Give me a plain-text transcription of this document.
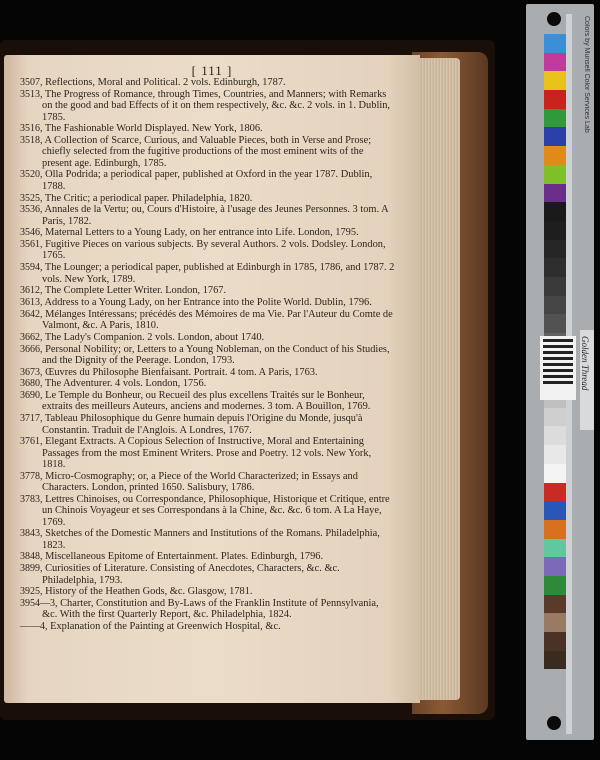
[ 111 ]
3507, Reflections, Moral and Political. 2 vols. Edinburgh, 1787.
3513, The Progress of Romance, through Times, Countries, and Manners; with Remarks on the good and bad Effects of it on them respectively, &c. &c. 2 vols. in 1. Dublin, 1785.
3516, The Fashionable World Displayed. New York, 1806.
3518, A Collection of Scarce, Curious, and Valuable Pieces, both in Verse and Prose; chiefly selected from the fugitive productions of the most eminent wits of the present age. Edinburgh, 1785.
3520, Olla Podrida; a periodical paper, published at Oxford in the year 1787. Dublin, 1788.
3525, The Critic; a periodical paper. Philadelphia, 1820.
3536, Annales de la Vertu; ou, Cours d'Histoire, à l'usage des Jeunes Personnes. 3 tom. A Paris, 1782.
3546, Maternal Letters to a Young Lady, on her entrance into Life. London, 1795.
3561, Fugitive Pieces on various subjects. By several Authors. 2 vols. Dodsley. London, 1765.
3594, The Lounger; a periodical paper, published at Edinburgh in 1785, 1786, and 1787. 2 vols. New York, 1789.
3612, The Complete Letter Writer. London, 1767.
3613, Address to a Young Lady, on her Entrance into the Polite World. Dublin, 1796.
3642, Mélanges Intéressans; précédés des Mémoires de ma Vie. Par l'Auteur du Comte de Valmont, &c. A Paris, 1810.
3662, The Lady's Companion. 2 vols. London, about 1740.
3666, Personal Nobility; or, Letters to a Young Nobleman, on the Conduct of his Studies, and the Dignity of the Peerage. London, 1793.
3673, Œuvres du Philosophe Bienfaisant. Portrait. 4 tom. A Paris, 1763.
3680, The Adventurer. 4 vols. London, 1756.
3690, Le Temple du Bonheur, ou Recueil des plus excellens Traités sur le Bonheur, extraits des meilleurs Auteurs, anciens and modernes. 3 tom. A Bouillon, 1769.
3717, Tableau Philosophique du Genre humain depuis l'Origine du Monde, jusqu'à Constantin. Traduit de l'Anglois. A Londres, 1767.
3761, Elegant Extracts. A Copious Selection of Instructive, Moral and Entertaining Passages from the most Eminent Writers. Prose and Poetry. 12 vols. New York, 1818.
3778, Micro-Cosmography; or, a Piece of the World Characterized; in Essays and Characters. London, printed 1650. Salisbury, 1786.
3783, Lettres Chinoises, ou Correspondance, Philosophique, Historique et Critique, entre un Chinois Voyageur et ses Correspondans à la Chine, &c. &c. 6 tom. A La Haye, 1769.
3843, Sketches of the Domestic Manners and Institutions of the Romans. Philadelphia, 1823.
3848, Miscellaneous Epitome of Entertainment. Plates. Edinburgh, 1796.
3899, Curiosities of Literature. Consisting of Anecdotes, Characters, &c. &c. Philadelphia, 1793.
3925, History of the Heathen Gods, &c. Glasgow, 1781.
3954—3, Charter, Constitution and By-Laws of the Franklin Institute of Pennsylvania, &c. With the first Quarterly Report, &c. Philadelphia, 1824.
——4, Explanation of the Painting at Greenwich Hospital, &c.
Colors by Munsell Color Services Lab
Golden Thread
